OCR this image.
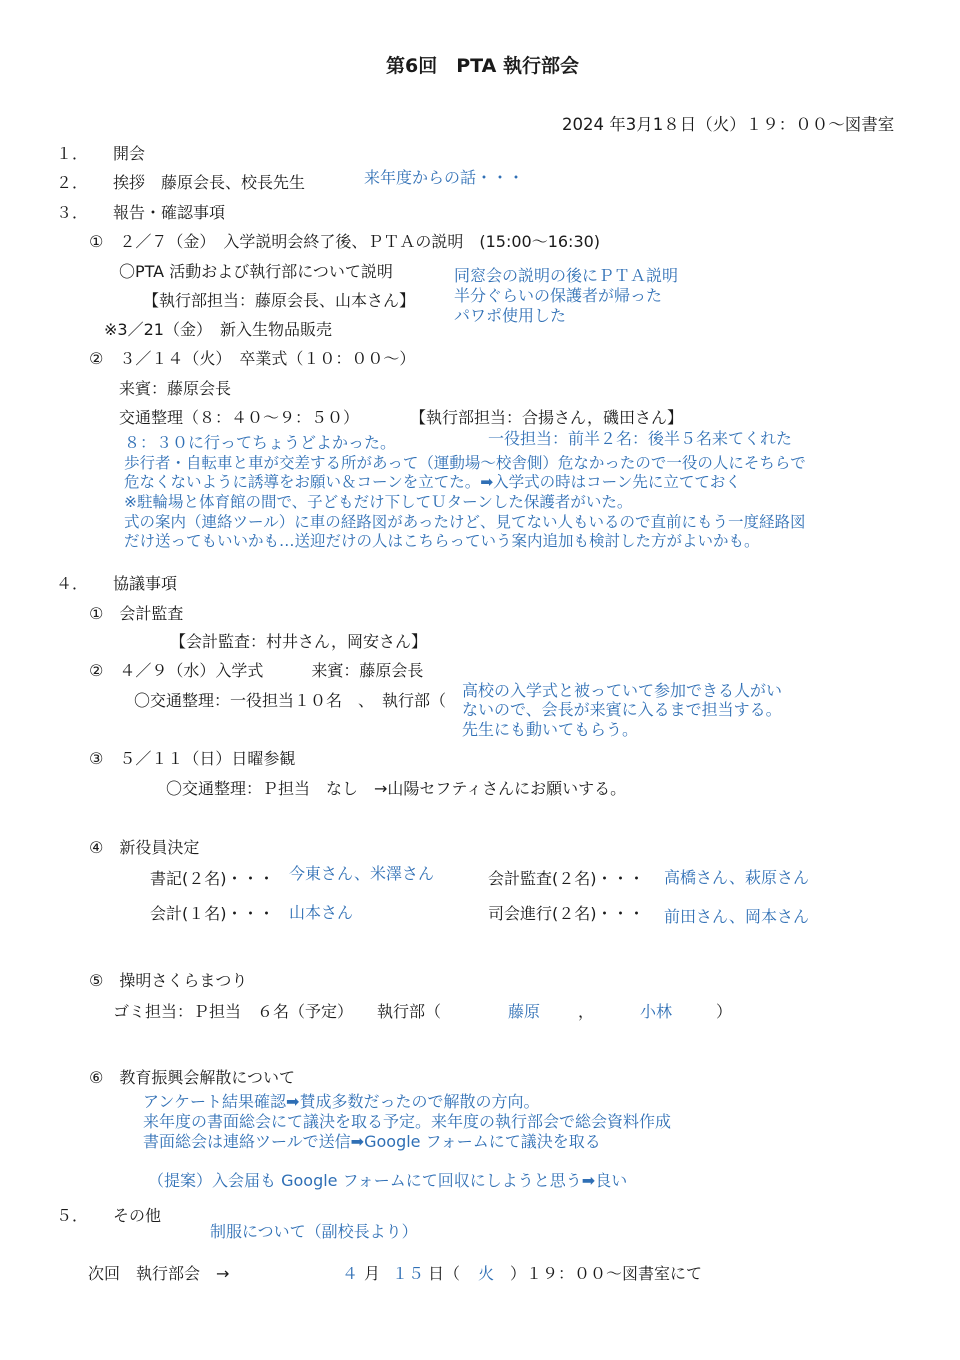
第6回　PTA 執行部会
2024 年3月1８日（火）１９：００〜図書室
１． 開会
２． 挨拶　藤原会長、校長先生	来年度からの話・・・
３． 報告・確認事項
①　２／７（金）　入学説明会終了後、ＰＴＡの説明　(15:00〜16:30)
〇PTA 活動および執行部について説明
【執行部担当：藤原会長、山本さん】
※3／21（金）　新入生物品販売
同窓会の説明の後にＰＴＡ説明
半分ぐらいの保護者が帰った
パワポ使用した
②　３／１４（火）　卒業式（１０：００〜）
来賓：藤原会長
交通整理（８：４０〜９：５０）	【執行部担当：合揚さん，磯田さん】
８：３０に行ってちょうどよかった。	一役担当：前半２名：後半５名来てくれた
歩行者・自転車と車が交差する所があって（運動場〜校舎側）危なかったので一役の人にそちらで
危なくないように誘導をお願い＆コーンを立てた。➡入学式の時はコーン先に立てておく
※駐輪場と体育館の間で、子どもだけ下してＵターンした保護者がいた。
式の案内（連絡ツール）に車の経路図があったけど、見てない人もいるので直前にもう一度経路図
だけ送ってもいいかも…送迎だけの人はこちらっていう案内追加も検討した方がよいかも。
４． 協議事項
①　会計監査
【会計監査：村井さん，岡安さん】
②　４／９（水）入学式　　　来賓：藤原会長
〇交通整理：一役担当１０名　、　執行部（
高校の入学式と被っていて参加できる人がい
ないので、会長が来賓に入るまで担当する。
先生にも動いてもらう。
③　５／１１（日）日曜参観
〇交通整理：Ｐ担当　なし　→山陽セフティさんにお願いする。
④　新役員決定
書記(２名)・・・ 今東さん、米澤さん	会計監査(２名)・・・ 高橋さん、萩原さん
会計(１名)・・・ 山本さん	司会進行(２名)・・・ 前田さん、岡本さん
⑤　操明さくらまつり
ゴミ担当：Ｐ担当　６名（予定）　　執行部（	藤原 ，	小林	）
⑥　教育振興会解散について
アンケート結果確認➡賛成多数だったので解散の方向。
来年度の書面総会にて議決を取る予定。来年度の執行部会で総会資料作成
書面総会は連絡ツールで送信➡Google フォームにて議決を取る
（提案）入会届も Google フォームにて回収にしようと思う➡良い
５． その他
制服について（副校長より）
次回　執行部会　→	４ 月 １５ 日（ 火 ）１９：００〜図書室にて
